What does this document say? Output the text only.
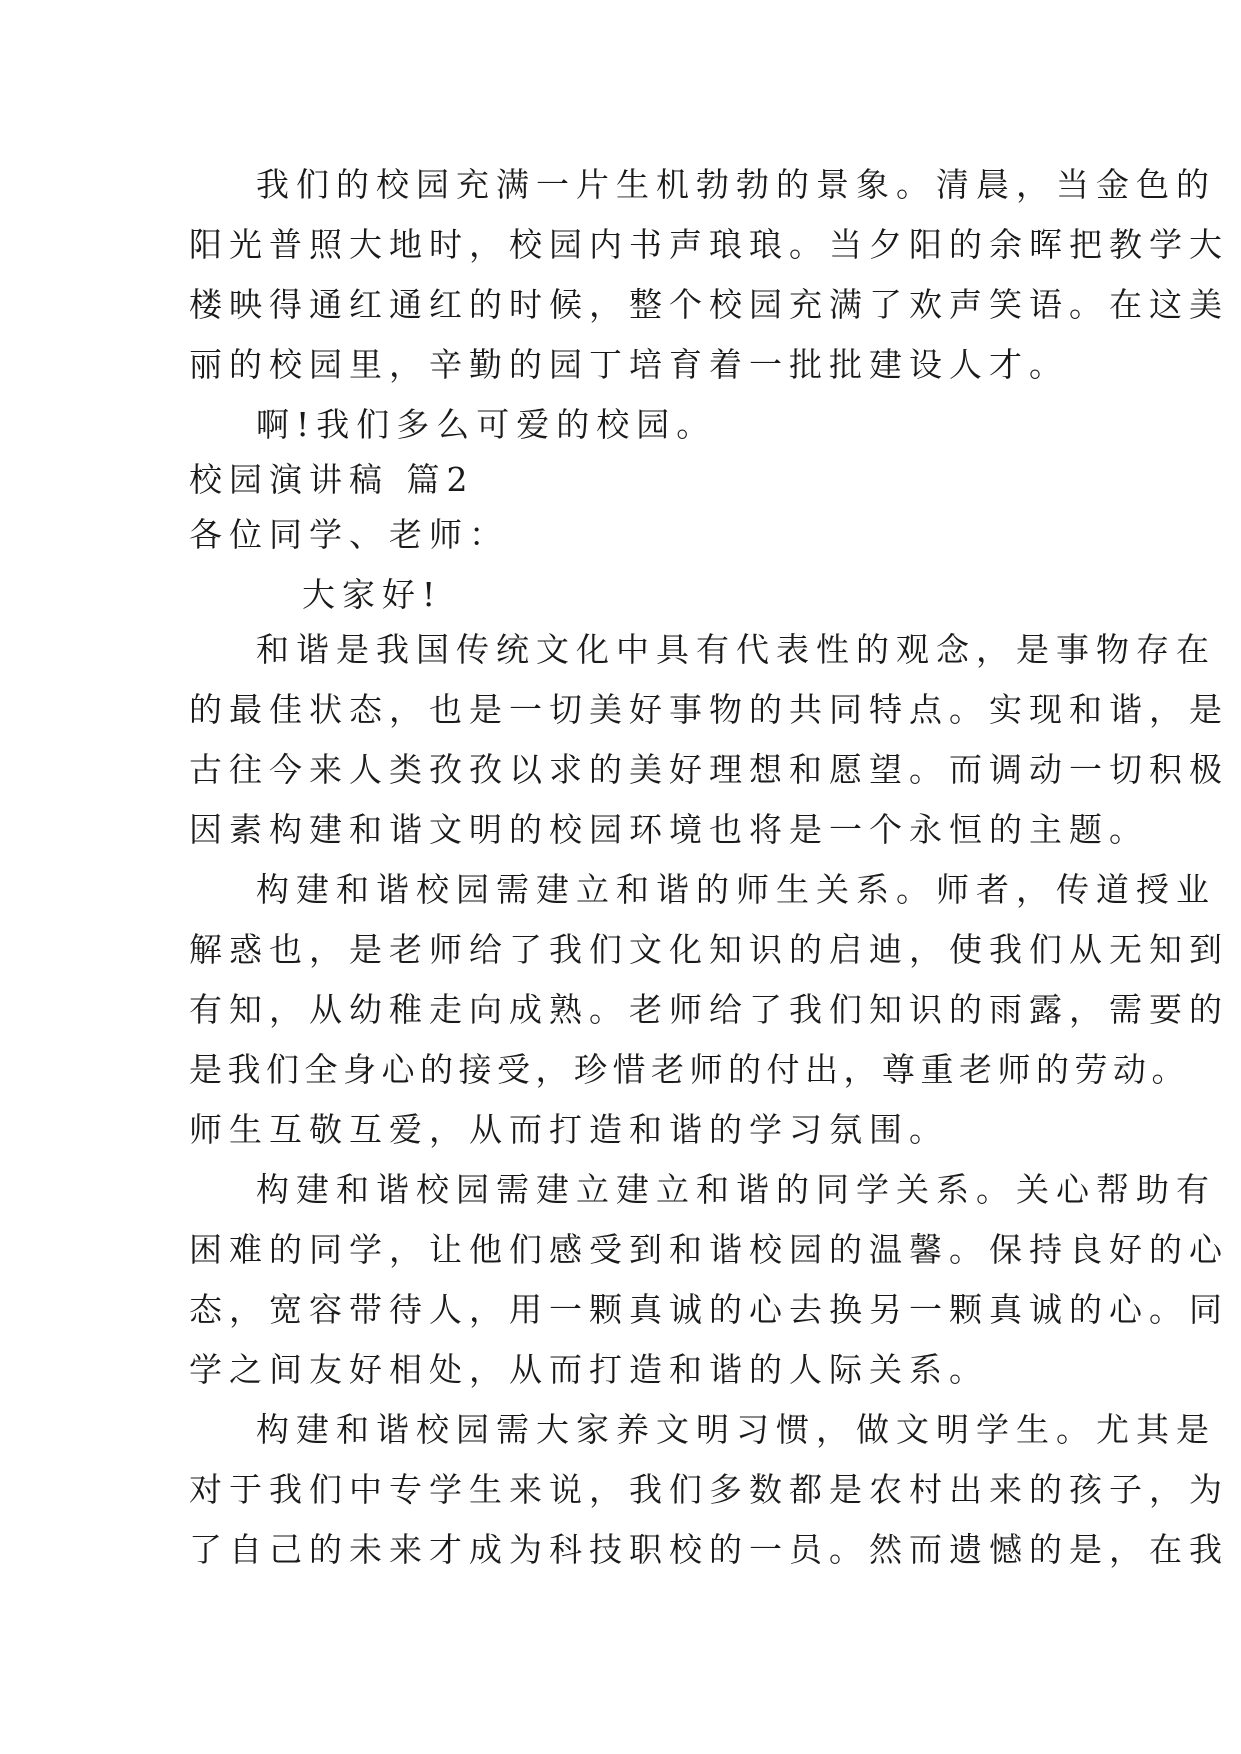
我们的校园充满一片生机勃勃的景象。清晨，当金色的
阳光普照大地时，校园内书声琅琅。当夕阳的余晖把教学大
楼映得通红通红的时候，整个校园充满了欢声笑语。在这美
丽的校园里，辛勤的园丁培育着一批批建设人才。
啊!我们多么可爱的校园。
校园演讲稿 篇2
各位同学、老师：
大家好!
和谐是我国传统文化中具有代表性的观念，是事物存在
的最佳状态，也是一切美好事物的共同特点。实现和谐，是
古往今来人类孜孜以求的美好理想和愿望。而调动一切积极
因素构建和谐文明的校园环境也将是一个永恒的主题。
构建和谐校园需建立和谐的师生关系。师者，传道授业
解惑也，是老师给了我们文化知识的启迪，使我们从无知到
有知，从幼稚走向成熟。老师给了我们知识的雨露，需要的
是我们全身心的接受，珍惜老师的付出，尊重老师的劳动。
师生互敬互爱，从而打造和谐的学习氛围。
构建和谐校园需建立建立和谐的同学关系。关心帮助有
困难的同学，让他们感受到和谐校园的温馨。保持良好的心
态，宽容带待人，用一颗真诚的心去换另一颗真诚的心。同
学之间友好相处，从而打造和谐的人际关系。
构建和谐校园需大家养文明习惯，做文明学生。尤其是
对于我们中专学生来说，我们多数都是农村出来的孩子，为
了自己的未来才成为科技职校的一员。然而遗憾的是，在我
